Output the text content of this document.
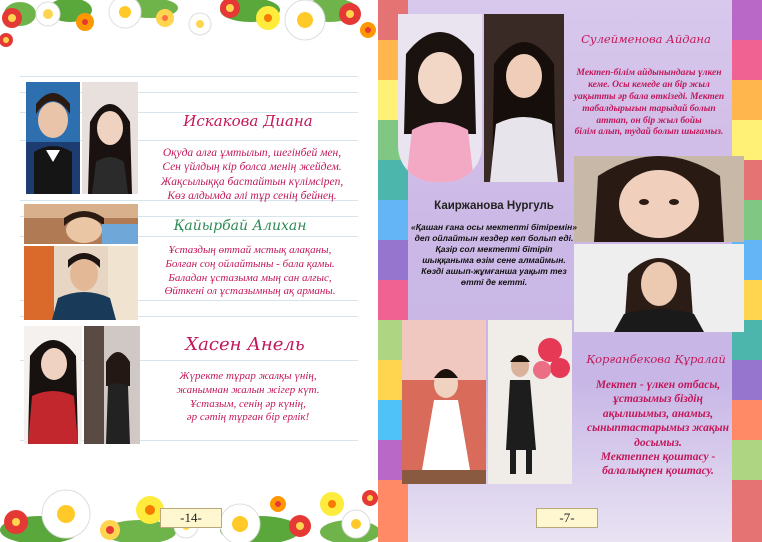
Искакова Диана
Оқуда алға ұмтылып, шегінбей мен,
Сен үйлдың кір болса менің жейдем.
Жақсылыққа бастайтын күлімсіреп,
Көз алдымда әлі тұр сенің бейнең.
Қайырбай Алихан
Ұстаздың өттай мстық алақаны,
Болған соң ойлайтыны - бала қамы.
Баладан ұстазыма мың сан алғыс,
Өйткені ол ұстазымның ақ арманы.
Хасен Анель
Жүректе тұрар жалқы үнің,
жанымнан жалын жігер күт.
Ұстазым, сенің әр күнің,
әр сәтің тұрған бір ерлік!
-14-
Сулейменова Айдана
Мектеп-білім айдынындағы үлкен
кеме. Осы кемеде ан бір жыл
уақытты әр бала өткізеді. Мектеп
табалдырығын тарыдай болып
аттап, он бір жыл бойы
білім алып, тудай болып шығамыз.
Каиржанова Нургуль
«Қашан ғана осы мектепті бітіремін»
деп ойлайтын кездер көп болып еді.
Қазір сол мектепті бітіріп
шыққаныма өзім сене алмаймын.
Көзді ашып-жұмғанша уақыт тез
өтті де кетті.
Қорғанбекова Құралай
Мектеп - үлкен отбасы,
ұстазымыз біздің
ақылшымыз, анамыз,
сыныптастарымыз жақын
досымыз.
Мектеппен қоштасу -
балалықпен қоштасу.
-7-
